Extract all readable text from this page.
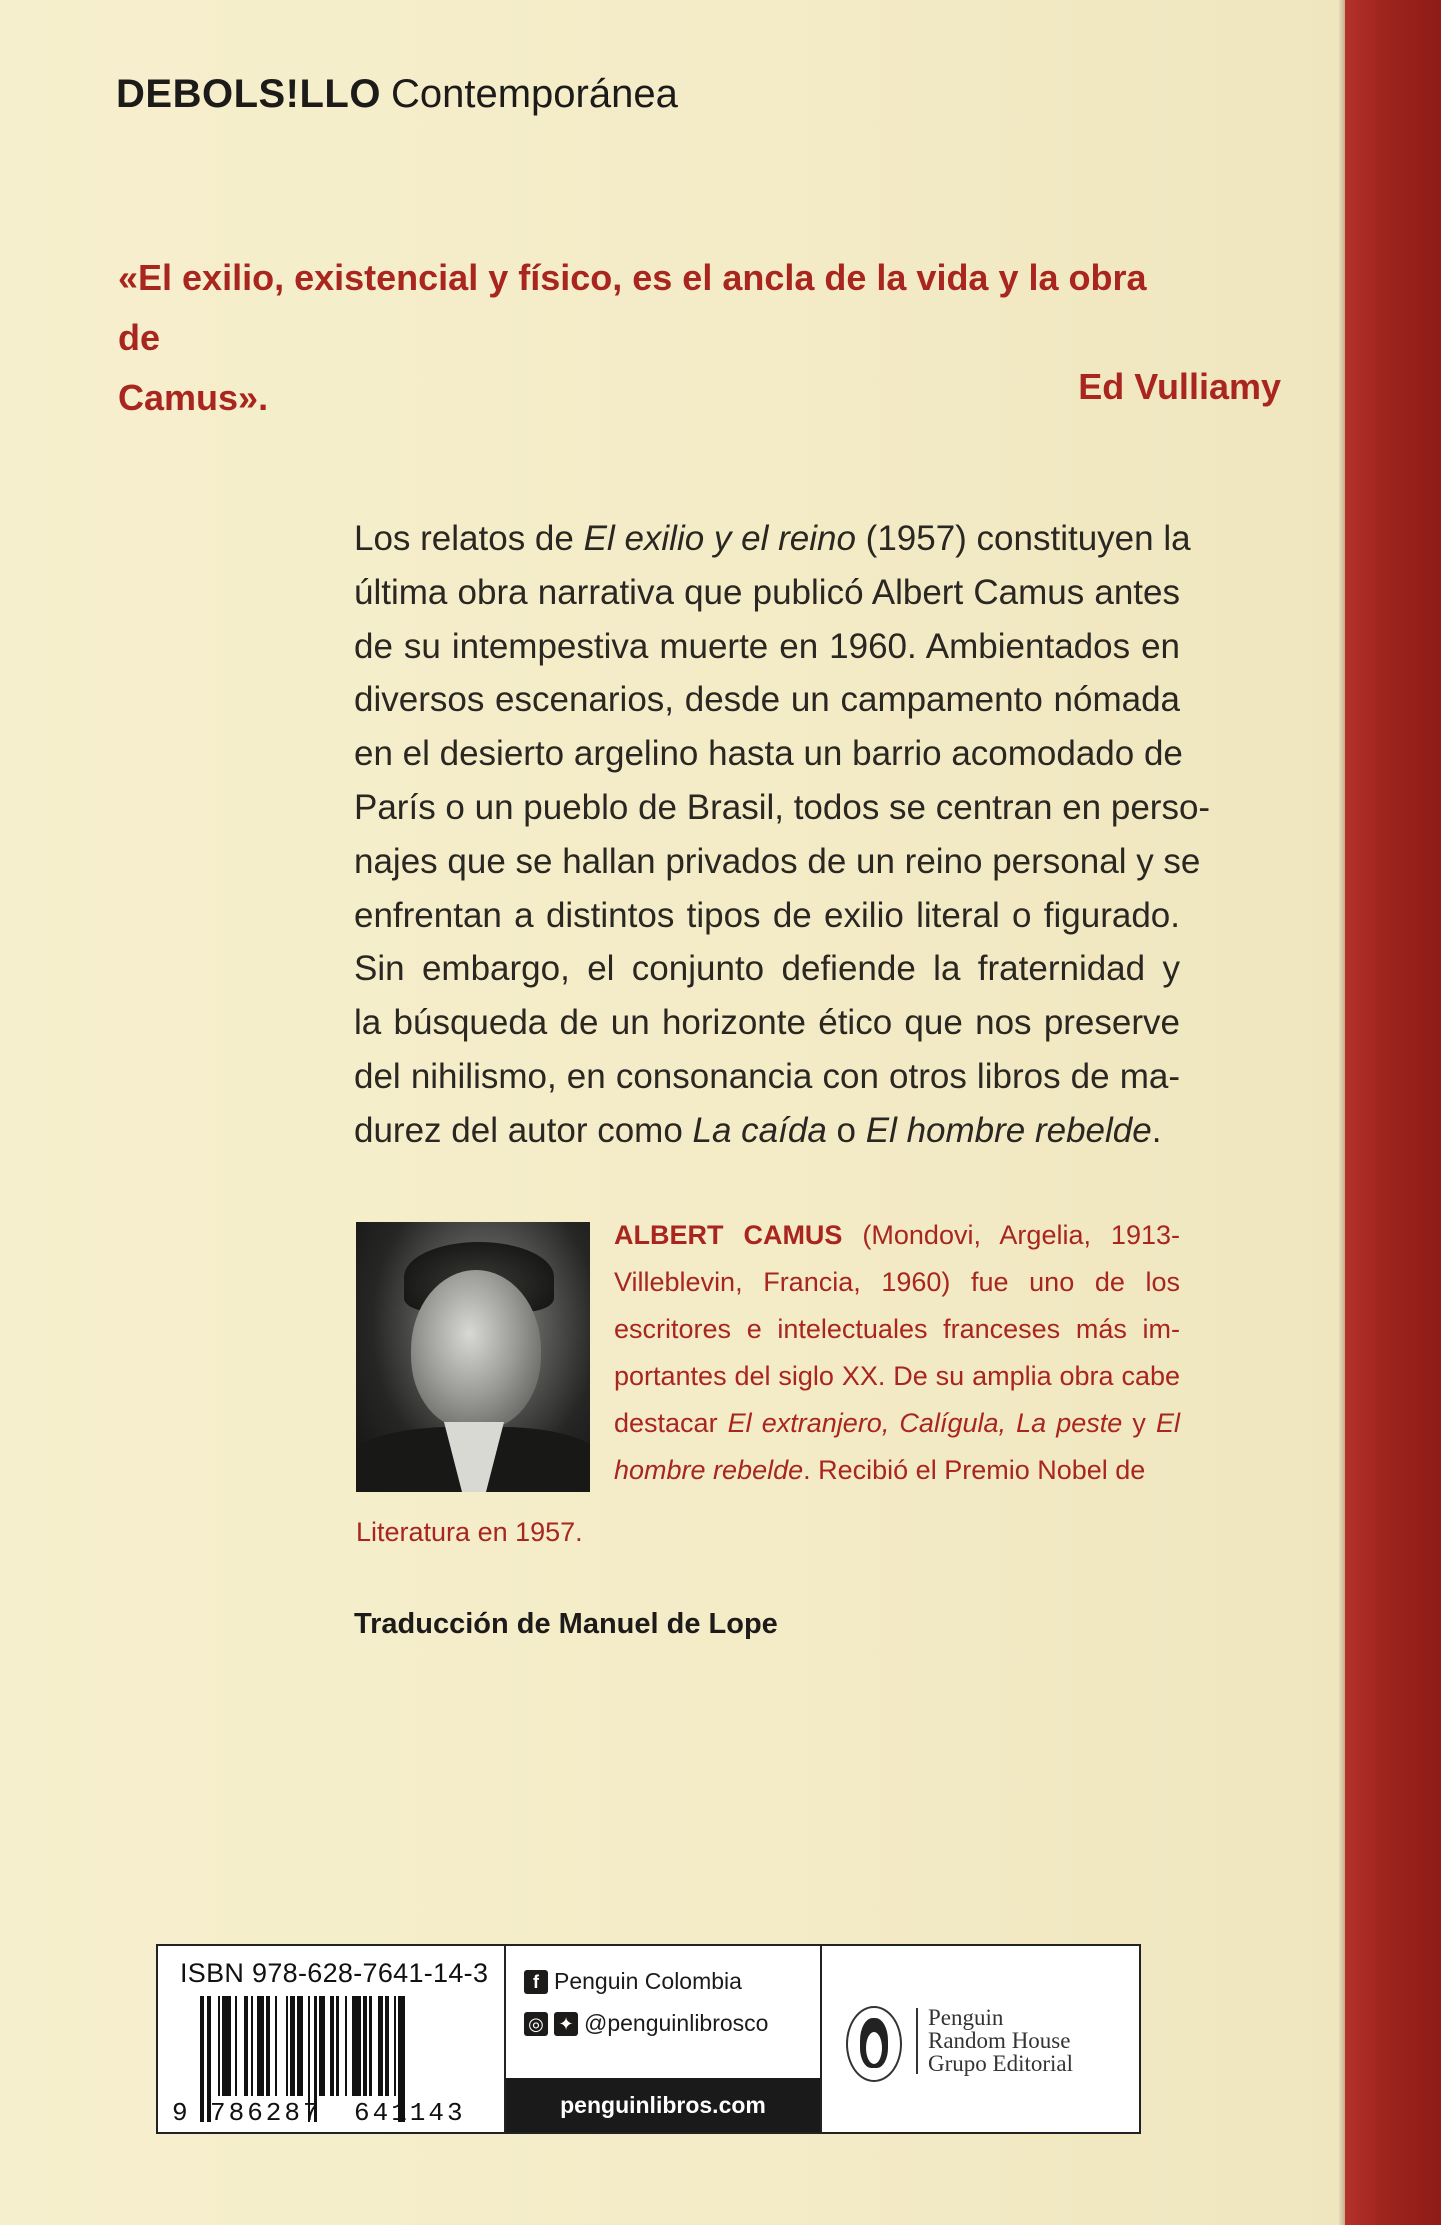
DEBOLS!LLO Contemporánea
«El exilio, existencial y físico, es el ancla de la vida y la obra de
Camus».	Ed Vulliamy
Los relatos de El exilio y el reino (1957) constituyen la
última obra narrativa que publicó Albert Camus antes
de su intempestiva muerte en 1960. Ambientados en
diversos escenarios, desde un campamento nómada
en el desierto argelino hasta un barrio acomodado de
París o un pueblo de Brasil, todos se centran en perso-
najes que se hallan privados de un reino personal y se
enfrentan a distintos tipos de exilio literal o figurado.
Sin embargo, el conjunto defiende la fraternidad y
la búsqueda de un horizonte ético que nos preserve
del nihilismo, en consonancia con otros libros de ma-
durez del autor como La caída o El hombre rebelde.
ALBERT CAMUS (Mondovi, Argelia, 1913-
Villeblevin, Francia, 1960) fue uno de los
escritores e intelectuales franceses más im-
portantes del siglo XX. De su amplia obra cabe
destacar El extranjero, Calígula, La peste y El
hombre rebelde. Recibió el Premio Nobel de
Literatura en 1957.
Traducción de Manuel de Lope
ISBN 978-628-7641-14-3
9 786287 641143
f Penguin Colombia
◎ ✦ @penguinlibrosco
penguinlibros.com
Penguin
Random House
Grupo Editorial
